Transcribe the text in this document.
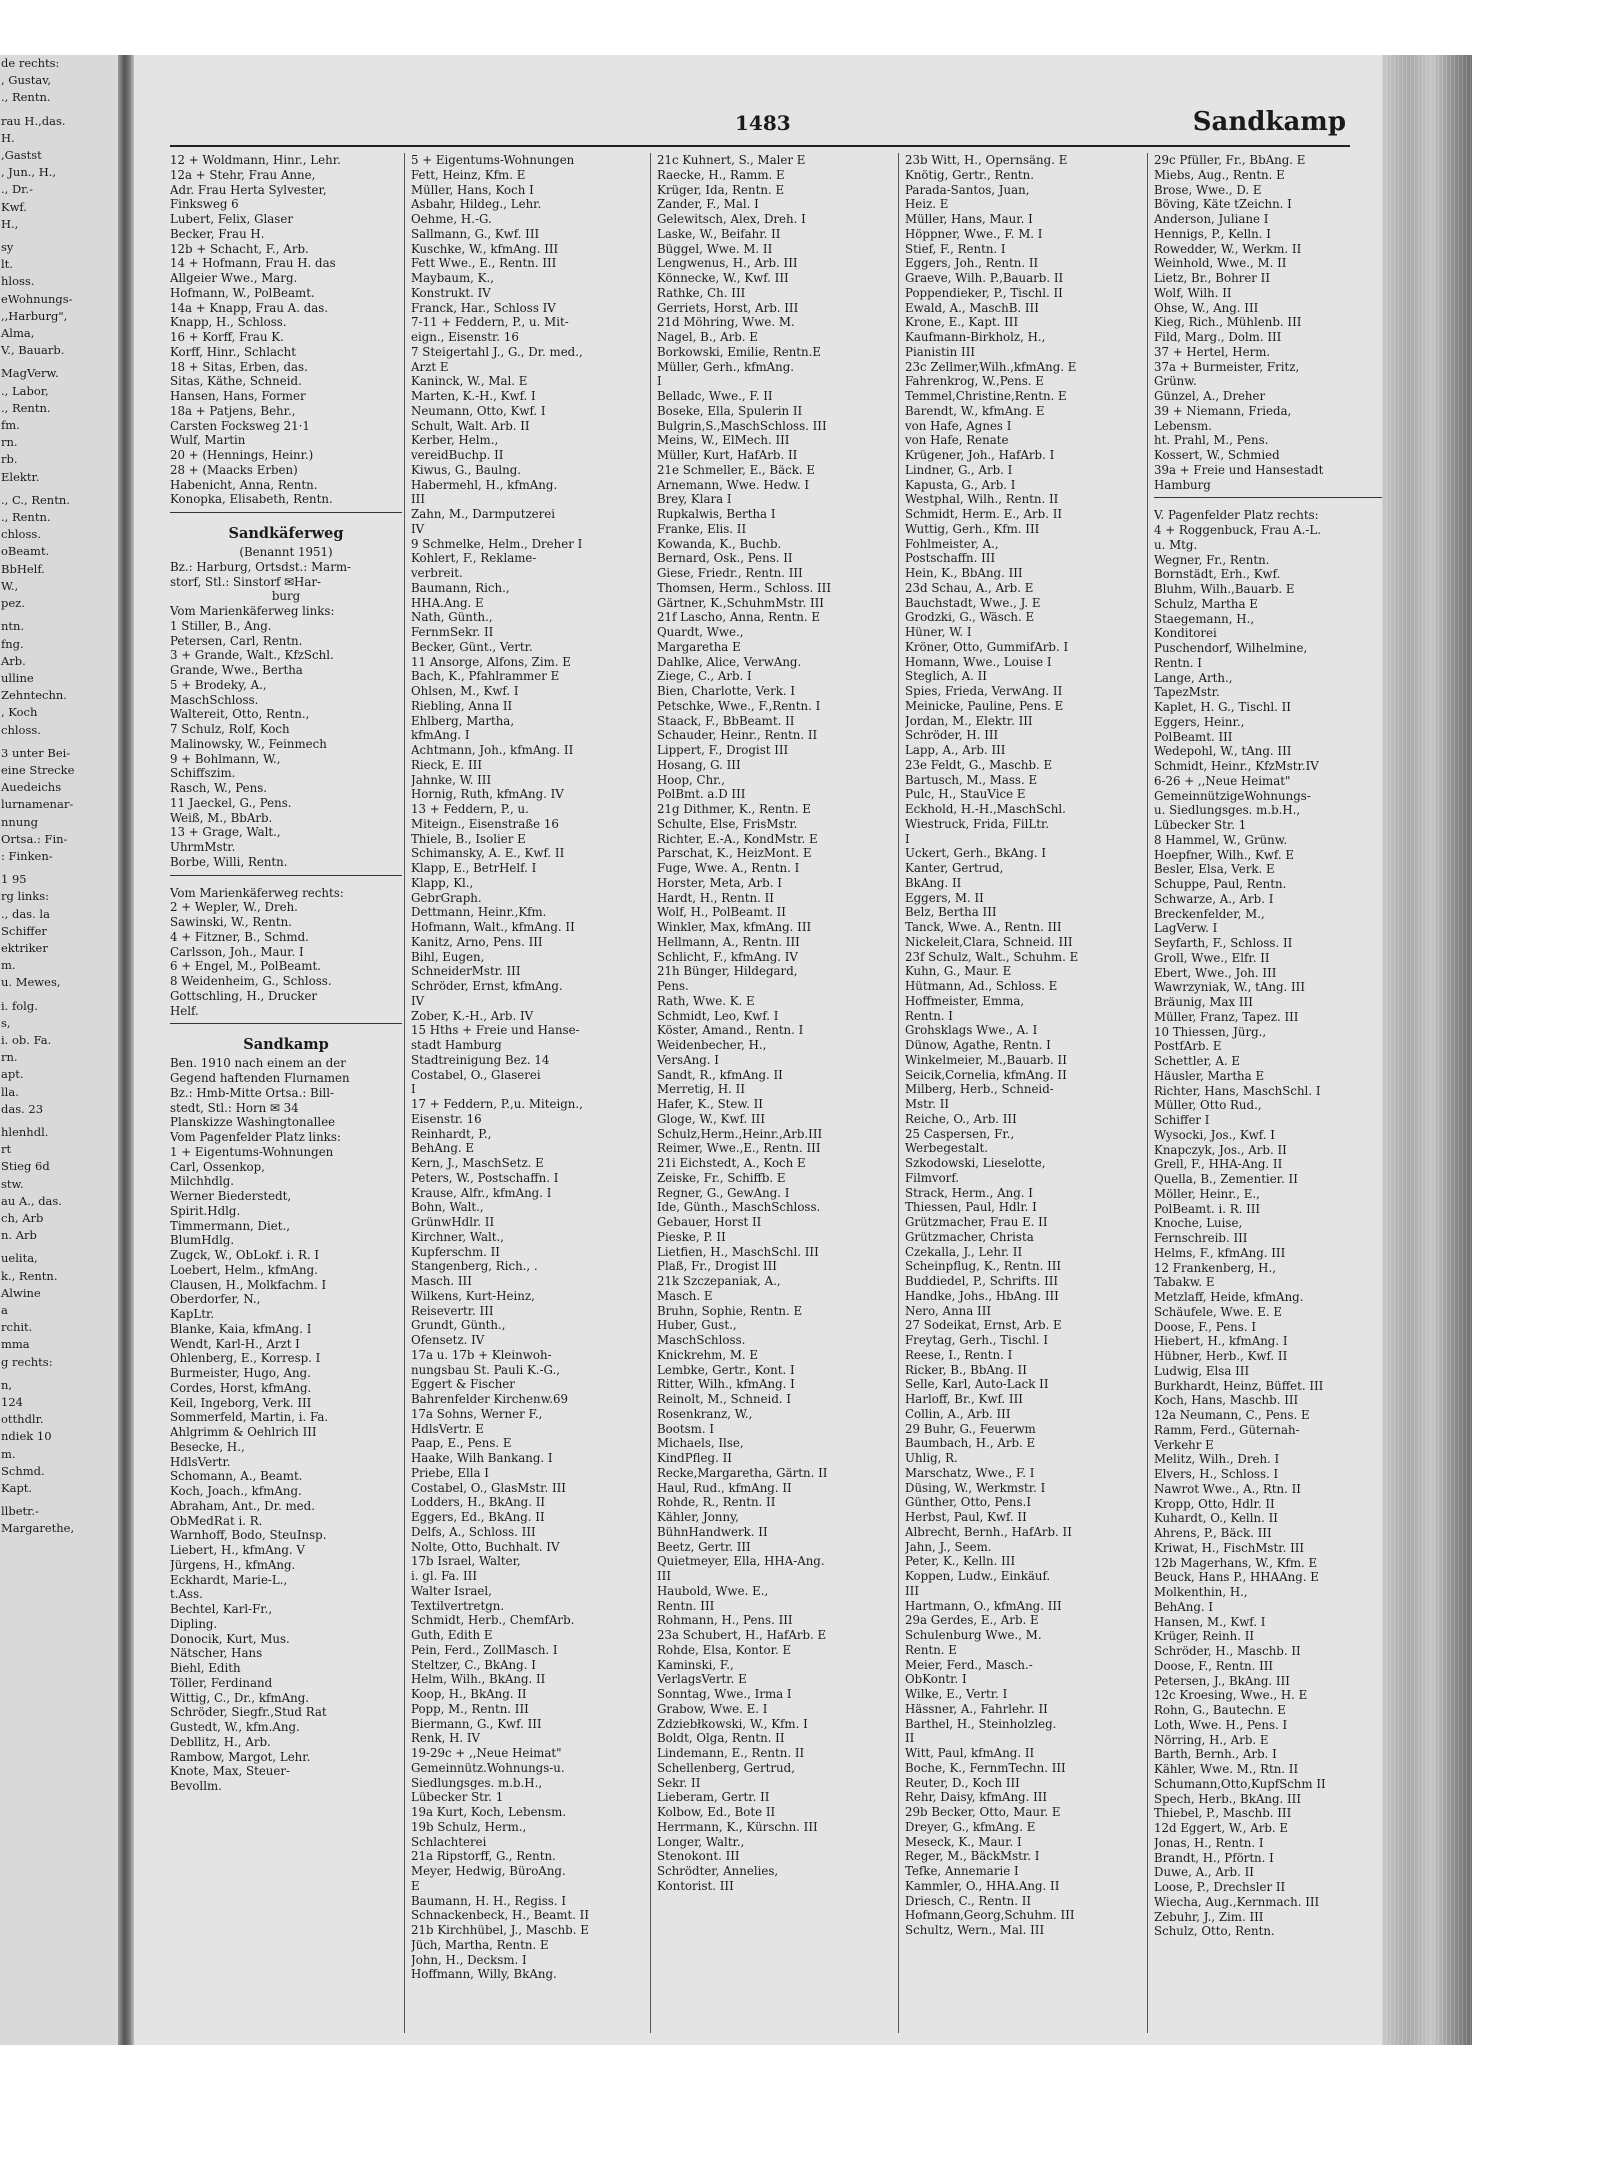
de rechts:
, Gustav,
., Rentn.
rau H.,das.
H.
,Gastst
, Jun., H.,
., Dr.-
Kwf.
H.,
sy
lt.
hloss.
eWohnungs-
,,Harburg",
Alma,
V., Bauarb.
MagVerw.
., Labor,
., Rentn.
fm.
rn.
rb.
Elektr.
., C., Rentn.
., Rentn.
chloss.
oBeamt.
BbHelf.
W.,
pez.
ntn.
fng.
Arb.
ulline
Zehntechn.
, Koch
chloss.
3 unter Bei-
eine Strecke
Auedeichs
lurnamenar-
nnung
Ortsa.: Fin-
: Finken-
1 95
rg links:
., das. la
Schiffer
ektriker
m.
u. Mewes,
i. folg.
s,
i. ob. Fa.
rn.
apt.
lla.
das. 23
hlenhdl.
rt
Stieg 6d
stw.
au A., das.
ch, Arb
n. Arb
uelita,
k., Rentn.
Alwine
a
rchit.
mma
g rechts:
n,
124
otthdlr.
ndiek 10
m.
Schmd.
Kapt.
llbetr.-
Margarethe,
1483	Sandkamp
12 + Woldmann, Hinr., Lehr.
12a + Stehr, Frau Anne,
Adr. Frau Herta Sylvester,
Finksweg 6
Lubert, Felix, Glaser
Becker, Frau H.
12b + Schacht, F., Arb.
14 + Hofmann, Frau H. das
Allgeier Wwe., Marg.
Hofmann, W., PolBeamt.
14a + Knapp, Frau A. das.
Knapp, H., Schloss.
16 + Korff, Frau K.
Korff, Hinr., Schlacht
18 + Sitas, Erben, das.
Sitas, Käthe, Schneid.
Hansen, Hans, Former
18a + Patjens, Behr.,
Carsten Focksweg 21·1
Wulf, Martin
20 + (Hennings, Heinr.)
28 + (Maacks Erben)
Habenicht, Anna, Rentn.
Konopka, Elisabeth, Rentn.
Sandkäferweg
(Benannt 1951)
Bz.: Harburg, Ortsdst.: Marm-
storf, Stl.: Sinstorf ✉Har-
burg
Vom Marienkäferweg links:
1 Stiller, B., Ang.
Petersen, Carl, Rentn.
3 + Grande, Walt., KfzSchl.
Grande, Wwe., Bertha
5 + Brodeky, A.,
MaschSchloss.
Waltereit, Otto, Rentn.,
7 Schulz, Rolf, Koch
Malinowsky, W., Feinmech
9 + Bohlmann, W.,
Schiffszim.
Rasch, W., Pens.
11 Jaeckel, G., Pens.
Weiß, M., BbArb.
13 + Grage, Walt.,
UhrmMstr.
Borbe, Willi, Rentn.
Vom Marienkäferweg rechts:
2 + Wepler, W., Dreh.
Sawinski, W., Rentn.
4 + Fitzner, B., Schmd.
Carlsson, Joh., Maur. I
6 + Engel, M., PolBeamt.
8 Weidenheim, G., Schloss.
Gottschling, H., Drucker
Helf.
Sandkamp
Ben. 1910 nach einem an der
Gegend haftenden Flurnamen
Bz.: Hmb-Mitte Ortsa.: Bill-
stedt, Stl.: Horn ✉ 34
Planskizze Washingtonallee
Vom Pagenfelder Platz links:
1 + Eigentums-Wohnungen
Carl, Ossenkop,
Milchhdlg.
Werner Biederstedt,
Spirit.Hdlg.
Timmermann, Diet.,
BlumHdlg.
Zugck, W., ObLokf. i. R. I
Loebert, Helm., kfmAng.
Clausen, H., Molkfachm. I
Oberdorfer, N.,
KapLtr.
Blanke, Kaia, kfmAng. I
Wendt, Karl-H., Arzt I
Ohlenberg, E., Korresp. I
Burmeister, Hugo, Ang.
Cordes, Horst, kfmAng.
Keil, Ingeborg, Verk. III
Sommerfeld, Martin, i. Fa.
Ahlgrimm & Oehlrich III
Besecke, H.,
HdlsVertr.
Schomann, A., Beamt.
Koch, Joach., kfmAng.
Abraham, Ant., Dr. med.
ObMedRat i. R.
Warnhoff, Bodo, SteuInsp.
Liebert, H., kfmAng. V
Jürgens, H., kfmAng.
Eckhardt, Marie-L.,
t.Ass.
Bechtel, Karl-Fr.,
Dipling.
Donocik, Kurt, Mus.
Nätscher, Hans
Biehl, Edith
Töller, Ferdinand
Wittig, C., Dr., kfmAng.
Schröder, Siegfr.,Stud Rat
Gustedt, W., kfm.Ang.
Debllitz, H., Arb.
Rambow, Margot, Lehr.
Knote, Max, Steuer-
Bevollm.
5 + Eigentums-Wohnungen
Fett, Heinz, Kfm. E
Müller, Hans, Koch I
Asbahr, Hildeg., Lehr.
Oehme, H.-G.
Sallmann, G., Kwf. III
Kuschke, W., kfmAng. III
Fett Wwe., E., Rentn. III
Maybaum, K.,
Konstrukt. IV
Franck, Har., Schloss IV
7-11 + Feddern, P., u. Mit-
eign., Eisenstr. 16
7 Steigertahl J., G., Dr. med.,
Arzt E
Kaninck, W., Mal. E
Marten, K.-H., Kwf. I
Neumann, Otto, Kwf. I
Schult, Walt. Arb. II
Kerber, Helm.,
vereidBuchp. II
Kiwus, G., Baulng.
Habermehl, H., kfmAng.
III
Zahn, M., Darmputzerei
IV
9 Schmelke, Helm., Dreher I
Kohlert, F., Reklame-
verbreit.
Baumann, Rich.,
HHA.Ang. E
Nath, Günth.,
FernmSekr. II
Becker, Günt., Vertr.
11 Ansorge, Alfons, Zim. E
Bach, K., Pfahlrammer E
Ohlsen, M., Kwf. I
Riebling, Anna II
Ehlberg, Martha,
kfmAng. I
Achtmann, Joh., kfmAng. II
Rieck, E. III
Jahnke, W. III
Hornig, Ruth, kfmAng. IV
13 + Feddern, P., u.
Miteign., Eisenstraße 16
Thiele, B., Isolier E
Schimansky, A. E., Kwf. II
Klapp, E., BetrHelf. I
Klapp, Kl.,
GebrGraph.
Dettmann, Heinr.,Kfm.
Hofmann, Walt., kfmAng. II
Kanitz, Arno, Pens. III
Bihl, Eugen,
SchneiderMstr. III
Schröder, Ernst, kfmAng.
IV
Zober, K.-H., Arb. IV
15 Hths + Freie und Hanse-
stadt Hamburg
Stadtreinigung Bez. 14
Costabel, O., Glaserei
I
17 + Feddern, P.,u. Miteign.,
Eisenstr. 16
Reinhardt, P.,
BehAng. E
Kern, J., MaschSetz. E
Peters, W., Postschaffn. I
Krause, Alfr., kfmAng. I
Bohn, Walt.,
GrünwHdlr. II
Kirchner, Walt.,
Kupferschm. II
Stangenberg, Rich., .
Masch. III
Wilkens, Kurt-Heinz,
Reisevertr. III
Grundt, Günth.,
Ofensetz. IV
17a u. 17b + Kleinwoh-
nungsbau St. Pauli K.-G.,
Eggert & Fischer
Bahrenfelder Kirchenw.69
17a Sohns, Werner F.,
HdlsVertr. E
Paap, E., Pens. E
Haake, Wilh Bankang. I
Priebe, Ella I
Costabel, O., GlasMstr. III
Lodders, H., BkAng. II
Eggers, Ed., BkAng. II
Delfs, A., Schloss. III
Nolte, Otto, Buchhalt. IV
17b Israel, Walter,
i. gl. Fa. III
Walter Israel,
Textilvertretgn.
Schmidt, Herb., ChemfArb.
Guth, Edith E
Pein, Ferd., ZollMasch. I
Steltzer, C., BkAng. I
Helm, Wilh., BkAng. II
Koop, H., BkAng. II
Popp, M., Rentn. III
Biermann, G., Kwf. III
Renk, H. IV
19-29c + ,,Neue Heimat"
Gemeinnütz.Wohnungs-u.
Siedlungsges. m.b.H.,
Lübecker Str. 1
19a Kurt, Koch, Lebensm.
19b Schulz, Herm.,
Schlachterei
21a Ripstorff, G., Rentn.
Meyer, Hedwig, BüroAng.
E
Baumann, H. H., Regiss. I
Schnackenbeck, H., Beamt. II
21b Kirchhübel, J., Maschb. E
Jüch, Martha, Rentn. E
John, H., Decksm. I
Hoffmann, Willy, BkAng.
21c Kuhnert, S., Maler E
Raecke, H., Ramm. E
Krüger, Ida, Rentn. E
Zander, F., Mal. I
Gelewitsch, Alex, Dreh. I
Laske, W., Beifahr. II
Büggel, Wwe. M. II
Lengwenus, H., Arb. III
Könnecke, W., Kwf. III
Rathke, Ch. III
Gerriets, Horst, Arb. III
21d Möhring, Wwe. M.
Nagel, B., Arb. E
Borkowski, Emilie, Rentn.E
Müller, Gerh., kfmAng.
I
Belladc, Wwe., F. II
Boseke, Ella, Spulerin II
Bulgrin,S.,MaschSchloss. III
Meins, W., ElMech. III
Müller, Kurt, HafArb. II
21e Schmeller, E., Bäck. E
Arnemann, Wwe. Hedw. I
Brey, Klara I
Rupkalwis, Bertha I
Franke, Elis. II
Kowanda, K., Buchb.
Bernard, Osk., Pens. II
Giese, Friedr., Rentn. III
Thomsen, Herm., Schloss. III
Gärtner, K.,SchuhmMstr. III
21f Lascho, Anna, Rentn. E
Quardt, Wwe.,
Margaretha E
Dahlke, Alice, VerwAng.
Ziege, C., Arb. I
Bien, Charlotte, Verk. I
Petschke, Wwe., F.,Rentn. I
Staack, F., BbBeamt. II
Schauder, Heinr., Rentn. II
Lippert, F., Drogist III
Hosang, G. III
Hoop, Chr.,
PolBmt. a.D III
21g Dithmer, K., Rentn. E
Schulte, Else, FrisMstr.
Richter, E.-A., KondMstr. E
Parschat, K., HeizMont. E
Fuge, Wwe. A., Rentn. I
Horster, Meta, Arb. I
Hardt, H., Rentn. II
Wolf, H., PolBeamt. II
Winkler, Max, kfmAng. III
Hellmann, A., Rentn. III
Schlicht, F., kfmAng. IV
21h Bünger, Hildegard,
Pens.
Rath, Wwe. K. E
Schmidt, Leo, Kwf. I
Köster, Amand., Rentn. I
Weidenbecher, H.,
VersAng. I
Sandt, R., kfmAng. II
Merretig, H. II
Hafer, K., Stew. II
Gloge, W., Kwf. III
Schulz,Herm.,Heinr.,Arb.III
Reimer, Wwe.,E., Rentn. III
21i Eichstedt, A., Koch E
Zeiske, Fr., Schiffb. E
Regner, G., GewAng. I
Ide, Günth., MaschSchloss.
Gebauer, Horst II
Pieske, P. II
Lietfien, H., MaschSchl. III
Plaß, Fr., Drogist III
21k Szczepaniak, A.,
Masch. E
Bruhn, Sophie, Rentn. E
Huber, Gust.,
MaschSchloss.
Knickrehm, M. E
Lembke, Gertr., Kont. I
Ritter, Wilh., kfmAng. I
Reinolt, M., Schneid. I
Rosenkranz, W.,
Bootsm. I
Michaels, Ilse,
KindPfleg. II
Recke,Margaretha, Gärtn. II
Haul, Rud., kfmAng. II
Rohde, R., Rentn. II
Kähler, Jonny,
BühnHandwerk. II
Beetz, Gertr. III
Quietmeyer, Ella, HHA-Ang.
III
Haubold, Wwe. E.,
Rentn. III
Rohmann, H., Pens. III
23a Schubert, H., HafArb. E
Rohde, Elsa, Kontor. E
Kaminski, F.,
VerlagsVertr. E
Sonntag, Wwe., Irma I
Grabow, Wwe. E. I
Zdziebłkowski, W., Kfm. I
Boldt, Olga, Rentn. II
Lindemann, E., Rentn. II
Schellenberg, Gertrud,
Sekr. II
Lieberam, Gertr. II
Kolbow, Ed., Bote II
Herrmann, K., Kürschn. III
Longer, Waltr.,
Stenokont. III
Schrödter, Annelies,
Kontorist. III
23b Witt, H., Opernsäng. E
Knötig, Gertr., Rentn.
Parada-Santos, Juan,
Heiz. E
Müller, Hans, Maur. I
Höppner, Wwe., F. M. I
Stief, F., Rentn. I
Eggers, Joh., Rentn. II
Graeve, Wilh. P.,Bauarb. II
Poppendieker, P., Tischl. II
Ewald, A., MaschB. III
Krone, E., Kapt. III
Kaufmann-Birkholz, H.,
Pianistin III
23c Zellmer,Wilh.,kfmAng. E
Fahrenkrog, W.,Pens. E
Temmel,Christine,Rentn. E
Barendt, W., kfmAng. E
von Hafe, Agnes I
von Hafe, Renate
Krügener, Joh., HafArb. I
Lindner, G., Arb. I
Kapusta, G., Arb. I
Westphal, Wilh., Rentn. II
Schmidt, Herm. E., Arb. II
Wuttig, Gerh., Kfm. III
Fohlmeister, A.,
Postschaffn. III
Hein, K., BbAng. III
23d Schau, A., Arb. E
Bauchstadt, Wwe., J. E
Grodzki, G., Wäsch. E
Hüner, W. I
Kröner, Otto, GummifArb. I
Homann, Wwe., Louise I
Steglich, A. II
Spies, Frieda, VerwAng. II
Meinicke, Pauline, Pens. E
Jordan, M., Elektr. III
Schröder, H. III
Lapp, A., Arb. III
23e Feldt, G., Maschb. E
Bartusch, M., Mass. E
Pulc, H., StauVice E
Eckhold, H.-H.,MaschSchl.
Wiestruck, Frida, FilLtr.
I
Uckert, Gerh., BkAng. I
Kanter, Gertrud,
BkAng. II
Eggers, M. II
Belz, Bertha III
Tanck, Wwe. A., Rentn. III
Nickeleit,Clara, Schneid. III
23f Schulz, Walt., Schuhm. E
Kuhn, G., Maur. E
Hütmann, Ad., Schloss. E
Hoffmeister, Emma,
Rentn. I
Grohsklags Wwe., A. I
Dünow, Agathe, Rentn. I
Winkelmeier, M.,Bauarb. II
Seicik,Cornelia, kfmAng. II
Milberg, Herb., Schneid-
Mstr. II
Reiche, O., Arb. III
25 Caspersen, Fr.,
Werbegestalt.
Szkodowski, Lieselotte,
Filmvorf.
Strack, Herm., Ang. I
Thiessen, Paul, Hdlr. I
Grützmacher, Frau E. II
Grützmacher, Christa
Czekalla, J., Lehr. II
Scheinpflug, K., Rentn. III
Buddiedel, P., Schrifts. III
Handke, Johs., HbAng. III
Nero, Anna III
27 Sodeikat, Ernst, Arb. E
Freytag, Gerh., Tischl. I
Reese, I., Rentn. I
Ricker, B., BbAng. II
Selle, Karl, Auto-Lack II
Harloff, Br., Kwf. III
Collin, A., Arb. III
29 Buhr, G., Feuerwm
Baumbach, H., Arb. E
Uhlig, R.
Marschatz, Wwe., F. I
Düsing, W., Werkmstr. I
Günther, Otto, Pens.I
Herbst, Paul, Kwf. II
Albrecht, Bernh., HafArb. II
Jahn, J., Seem.
Peter, K., Kelln. III
Koppen, Ludw., Einkäuf.
III
Hartmann, O., kfmAng. III
29a Gerdes, E., Arb. E
Schulenburg Wwe., M.
Rentn. E
Meier, Ferd., Masch.-
ObKontr. I
Wilke, E., Vertr. I
Hässner, A., Fahrlehr. II
Barthel, H., Steinholzleg.
II
Witt, Paul, kfmAng. II
Boche, K., FernmTechn. III
Reuter, D., Koch III
Rehr, Daisy, kfmAng. III
29b Becker, Otto, Maur. E
Dreyer, G., kfmAng. E
Meseck, K., Maur. I
Reger, M., BäckMstr. I
Tefke, Annemarie I
Kammler, O., HHA.Ang. II
Driesch, C., Rentn. II
Hofmann,Georg,Schuhm. III
Schultz, Wern., Mal. III
29c Pfüller, Fr., BbAng. E
Miebs, Aug., Rentn. E
Brose, Wwe., D. E
Böving, Käte tZeichn. I
Anderson, Juliane I
Hennigs, P., Kelln. I
Rowedder, W., Werkm. II
Weinhold, Wwe., M. II
Lietz, Br., Bohrer II
Wolf, Wilh. II
Ohse, W., Ang. III
Kieg, Rich., Mühlenb. III
Fild, Marg., Dolm. III
37 + Hertel, Herm.
37a + Burmeister, Fritz,
Grünw.
Günzel, A., Dreher
39 + Niemann, Frieda,
Lebensm.
ht. Prahl, M., Pens.
Kossert, W., Schmied
39a + Freie und Hansestadt
Hamburg
V. Pagenfelder Platz rechts:
4 + Roggenbuck, Frau A.-L.
u. Mtg.
Wegner, Fr., Rentn.
Bornstädt, Erh., Kwf.
Bluhm, Wilh.,Bauarb. E
Schulz, Martha E
Staegemann, H.,
Konditorei
Puschendorf, Wilhelmine,
Rentn. I
Lange, Arth.,
TapezMstr.
Kaplet, H. G., Tischl. II
Eggers, Heinr.,
PolBeamt. III
Wedepohl, W., tAng. III
Schmidt, Heinr., KfzMstr.IV
6-26 + ,,Neue Heimat"
GemeinnützigeWohnungs-
u. Siedlungsges. m.b.H.,
Lübecker Str. 1
8 Hammel, W., Grünw.
Hoepfner, Wilh., Kwf. E
Besler, Elsa, Verk. E
Schuppe, Paul, Rentn.
Schwarze, A., Arb. I
Breckenfelder, M.,
LagVerw. I
Seyfarth, F., Schloss. II
Groll, Wwe., Elfr. II
Ebert, Wwe., Joh. III
Wawrzyniak, W., tAng. III
Bräunig, Max III
Müller, Franz, Tapez. III
10 Thiessen, Jürg.,
PostfArb. E
Schettler, A. E
Häusler, Martha E
Richter, Hans, MaschSchl. I
Müller, Otto Rud.,
Schiffer I
Wysocki, Jos., Kwf. I
Knapczyk, Jos., Arb. II
Grell, F., HHA-Ang. II
Quella, B., Zementier. II
Möller, Heinr., E.,
PolBeamt. i. R. III
Knoche, Luise,
Fernschreib. III
Helms, F., kfmAng. III
12 Frankenberg, H.,
Tabakw. E
Metzlaff, Heide, kfmAng.
Schäufele, Wwe. E. E
Doose, F., Pens. I
Hiebert, H., kfmAng. I
Hübner, Herb., Kwf. II
Ludwig, Elsa III
Burkhardt, Heinz, Büffet. III
Koch, Hans, Maschb. III
12a Neumann, C., Pens. E
Ramm, Ferd., Güternah-
Verkehr E
Melitz, Wilh., Dreh. I
Elvers, H., Schloss. I
Nawrot Wwe., A., Rtn. II
Kropp, Otto, Hdlr. II
Kuhardt, O., Kelln. II
Ahrens, P., Bäck. III
Kriwat, H., FischMstr. III
12b Magerhans, W., Kfm. E
Beuck, Hans P., HHAAng. E
Molkenthin, H.,
BehAng. I
Hansen, M., Kwf. I
Krüger, Reinh. II
Schröder, H., Maschb. II
Doose, F., Rentn. III
Petersen, J., BkAng. III
12c Kroesing, Wwe., H. E
Rohn, G., Bautechn. E
Loth, Wwe. H., Pens. I
Nörring, H., Arb. E
Barth, Bernh., Arb. I
Kähler, Wwe. M., Rtn. II
Schumann,Otto,KupfSchm II
Spech, Herb., BkAng. III
Thiebel, P., Maschb. III
12d Eggert, W., Arb. E
Jonas, H., Rentn. I
Brandt, H., Pförtn. I
Duwe, A., Arb. II
Loose, P., Drechsler II
Wiecha, Aug.,Kernmach. III
Zebuhr, J., Zim. III
Schulz, Otto, Rentn.
